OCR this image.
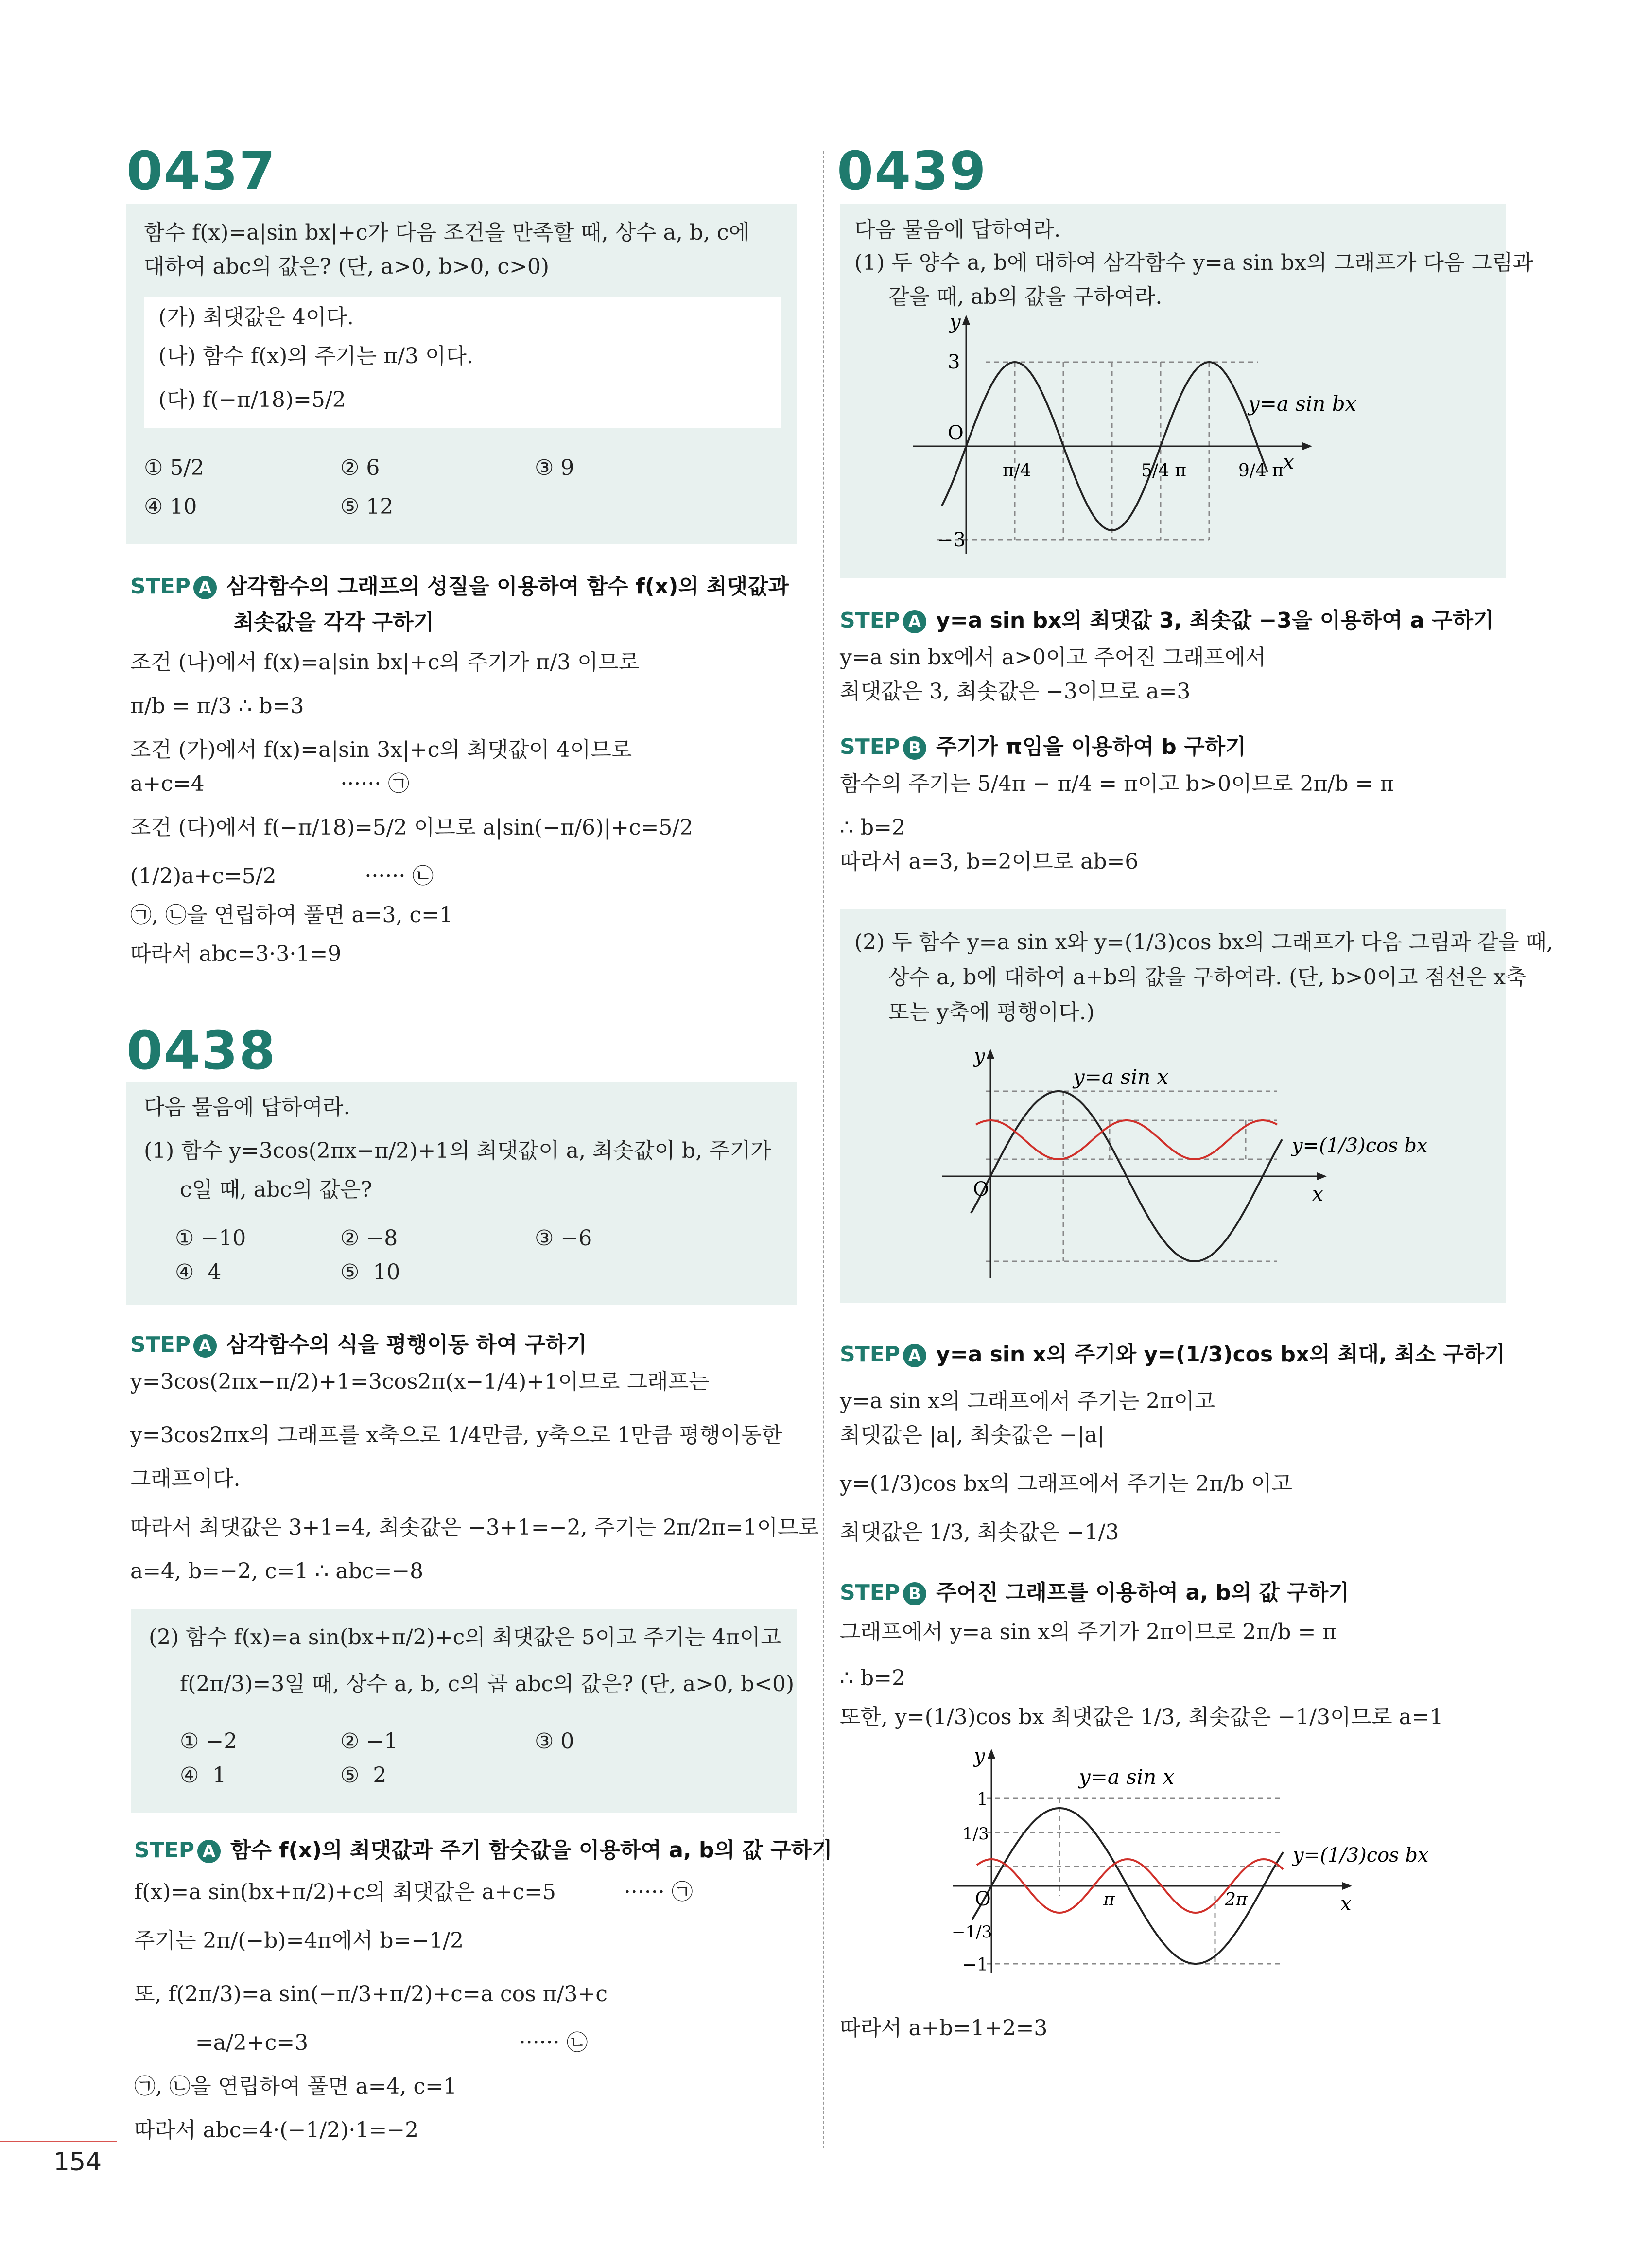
0437
함수 f(x)=a|sin bx|+c가 다음 조건을 만족할 때, 상수 a, b, c에
대하여 abc의 값은? (단, a>0, b>0, c>0)
(가) 최댓값은 4이다.
(나) 함수 f(x)의 주기는 π/3 이다.
(다) f(−π/18)=5/2
① 5/2	② 6	③ 9
④ 10	⑤ 12
STEP A 삼각함수의 그래프의 성질을 이용하여 함수 f(x)의 최댓값과
최솟값을 각각 구하기
조건 (나)에서 f(x)=a|sin bx|+c의 주기가 π/3 이므로
π/b = π/3 ∴ b=3
조건 (가)에서 f(x)=a|sin 3x|+c의 최댓값이 4이므로
a+c=4                    ······ ㉠
조건 (다)에서 f(−π/18)=5/2 이므로 a|sin(−π/6)|+c=5/2
(1/2)a+c=5/2             ······ ㉡
㉠, ㉡을 연립하여 풀면 a=3, c=1
따라서 abc=3·3·1=9
0438
다음 물음에 답하여라.
(1) 함수 y=3cos(2πx−π/2)+1의 최댓값이 a, 최솟값이 b, 주기가
c일 때, abc의 값은?
① −10	② −8	③ −6
④  4	⑤  10
STEP A 삼각함수의 식을 평행이동 하여 구하기
y=3cos(2πx−π/2)+1=3cos2π(x−1/4)+1이므로 그래프는
y=3cos2πx의 그래프를 x축으로 1/4만큼, y축으로 1만큼 평행이동한
그래프이다.
따라서 최댓값은 3+1=4, 최솟값은 −3+1=−2, 주기는 2π/2π=1이므로
a=4, b=−2, c=1 ∴ abc=−8
(2) 함수 f(x)=a sin(bx+π/2)+c의 최댓값은 5이고 주기는 4π이고
f(2π/3)=3일 때, 상수 a, b, c의 곱 abc의 값은? (단, a>0, b<0)
① −2	② −1	③ 0
④  1	⑤  2
STEP A 함수 f(x)의 최댓값과 주기 함숫값을 이용하여 a, b의 값 구하기
f(x)=a sin(bx+π/2)+c의 최댓값은 a+c=5          ······ ㉠
주기는 2π/(−b)=4π에서 b=−1/2
또, f(2π/3)=a sin(−π/3+π/2)+c=a cos π/3+c
=a/2+c=3                               ······ ㉡
㉠, ㉡을 연립하여 풀면 a=4, c=1
따라서 abc=4·(−1/2)·1=−2
154
0439
다음 물음에 답하여라.
(1) 두 양수 a, b에 대하여 삼각함수 y=a sin bx의 그래프가 다음 그림과
같을 때, ab의 값을 구하여라.
y
x
O
3
−3
π/4	5/4 π	9/4 π
y=a sin bx
STEP A y=a sin bx의 최댓값 3, 최솟값 −3을 이용하여 a 구하기
y=a sin bx에서 a>0이고 주어진 그래프에서
최댓값은 3, 최솟값은 −3이므로 a=3
STEP B 주기가 π임을 이용하여 b 구하기
함수의 주기는 5/4π − π/4 = π이고 b>0이므로 2π/b = π
∴ b=2
따라서 a=3, b=2이므로 ab=6
(2) 두 함수 y=a sin x와 y=(1/3)cos bx의 그래프가 다음 그림과 같을 때,
상수 a, b에 대하여 a+b의 값을 구하여라. (단, b>0이고 점선은 x축
또는 y축에 평행이다.)
y
x
O
y=a sin x
y=(1/3)cos bx
STEP A y=a sin x의 주기와 y=(1/3)cos bx의 최대, 최소 구하기
y=a sin x의 그래프에서 주기는 2π이고
최댓값은 |a|, 최솟값은 −|a|
y=(1/3)cos bx의 그래프에서 주기는 2π/b 이고
최댓값은 1/3, 최솟값은 −1/3
STEP B 주어진 그래프를 이용하여 a, b의 값 구하기
그래프에서 y=a sin x의 주기가 2π이므로 2π/b = π
∴ b=2
또한, y=(1/3)cos bx 최댓값은 1/3, 최솟값은 −1/3이므로 a=1
y
x
O
1
1/3
−1/3
−1
π	2π
y=a sin x
y=(1/3)cos bx
따라서 a+b=1+2=3
